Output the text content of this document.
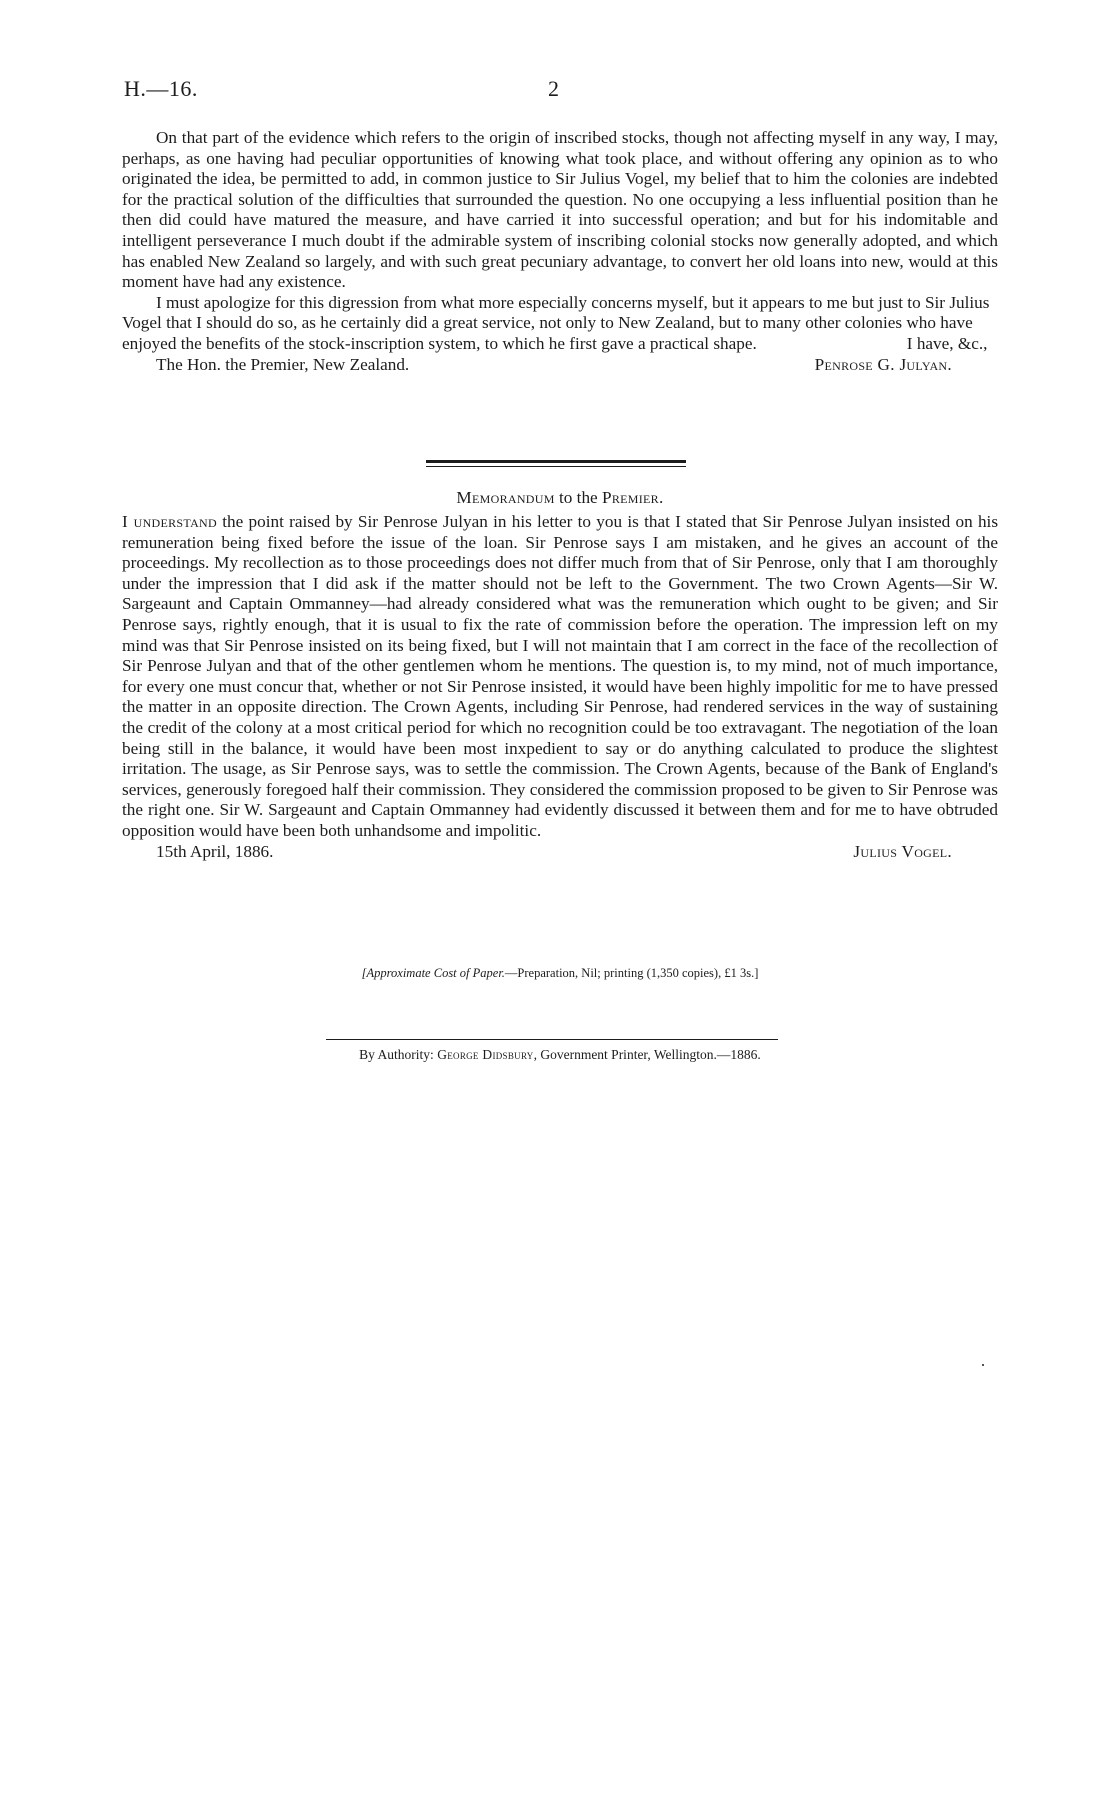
H.—16.	2

On that part of the evidence which refers to the origin of inscribed stocks, though not affecting myself in any way, I may, perhaps, as one having had peculiar opportunities of knowing what took place, and without offering any opinion as to who originated the idea, be permitted to add, in common justice to Sir Julius Vogel, my belief that to him the colonies are indebted for the practical solution of the difficulties that surrounded the question. No one occupying a less influential position than he then did could have matured the measure, and have carried it into successful operation; and but for his indomitable and intelligent perseverance I much doubt if the admirable system of inscribing colonial stocks now generally adopted, and which has enabled New Zealand so largely, and with such great pecuniary advantage, to convert her old loans into new, would at this moment have had any existence.

I must apologize for this digression from what more especially concerns myself, but it appears to me but just to Sir Julius Vogel that I should do so, as he certainly did a great service, not only to New Zealand, but to many other colonies who have enjoyed the benefits of the stock-inscription system, to which he first gave a practical shape.	I have, &c.,

The Hon. the Premier, New Zealand.	Penrose G. Julyan.
Memorandum to the Premier.

I understand the point raised by Sir Penrose Julyan in his letter to you is that I stated that Sir Penrose Julyan insisted on his remuneration being fixed before the issue of the loan. Sir Penrose says I am mistaken, and he gives an account of the proceedings. My recollection as to those proceedings does not differ much from that of Sir Penrose, only that I am thoroughly under the impression that I did ask if the matter should not be left to the Government. The two Crown Agents—Sir W. Sargeaunt and Captain Ommanney—had already considered what was the remuneration which ought to be given; and Sir Penrose says, rightly enough, that it is usual to fix the rate of commission before the operation. The impression left on my mind was that Sir Penrose insisted on its being fixed, but I will not maintain that I am correct in the face of the recollection of Sir Penrose Julyan and that of the other gentlemen whom he mentions. The question is, to my mind, not of much importance, for every one must concur that, whether or not Sir Penrose insisted, it would have been highly impolitic for me to have pressed the matter in an opposite direction. The Crown Agents, including Sir Penrose, had rendered services in the way of sustaining the credit of the colony at a most critical period for which no recognition could be too extravagant. The negotiation of the loan being still in the balance, it would have been most inxpedient to say or do anything calculated to produce the slightest irritation. The usage, as Sir Penrose says, was to settle the commission. The Crown Agents, because of the Bank of England's services, generously foregoed half their commission. They considered the commission proposed to be given to Sir Penrose was the right one. Sir W. Sargeaunt and Captain Ommanney had evidently discussed it between them and for me to have obtruded opposition would have been both unhandsome and impolitic.

15th April, 1886.	Julius Vogel.
[Approximate Cost of Paper.—Preparation, Nil; printing (1,350 copies), £1 3s.]
By Authority: George Didsbury, Government Printer, Wellington.—1886.
